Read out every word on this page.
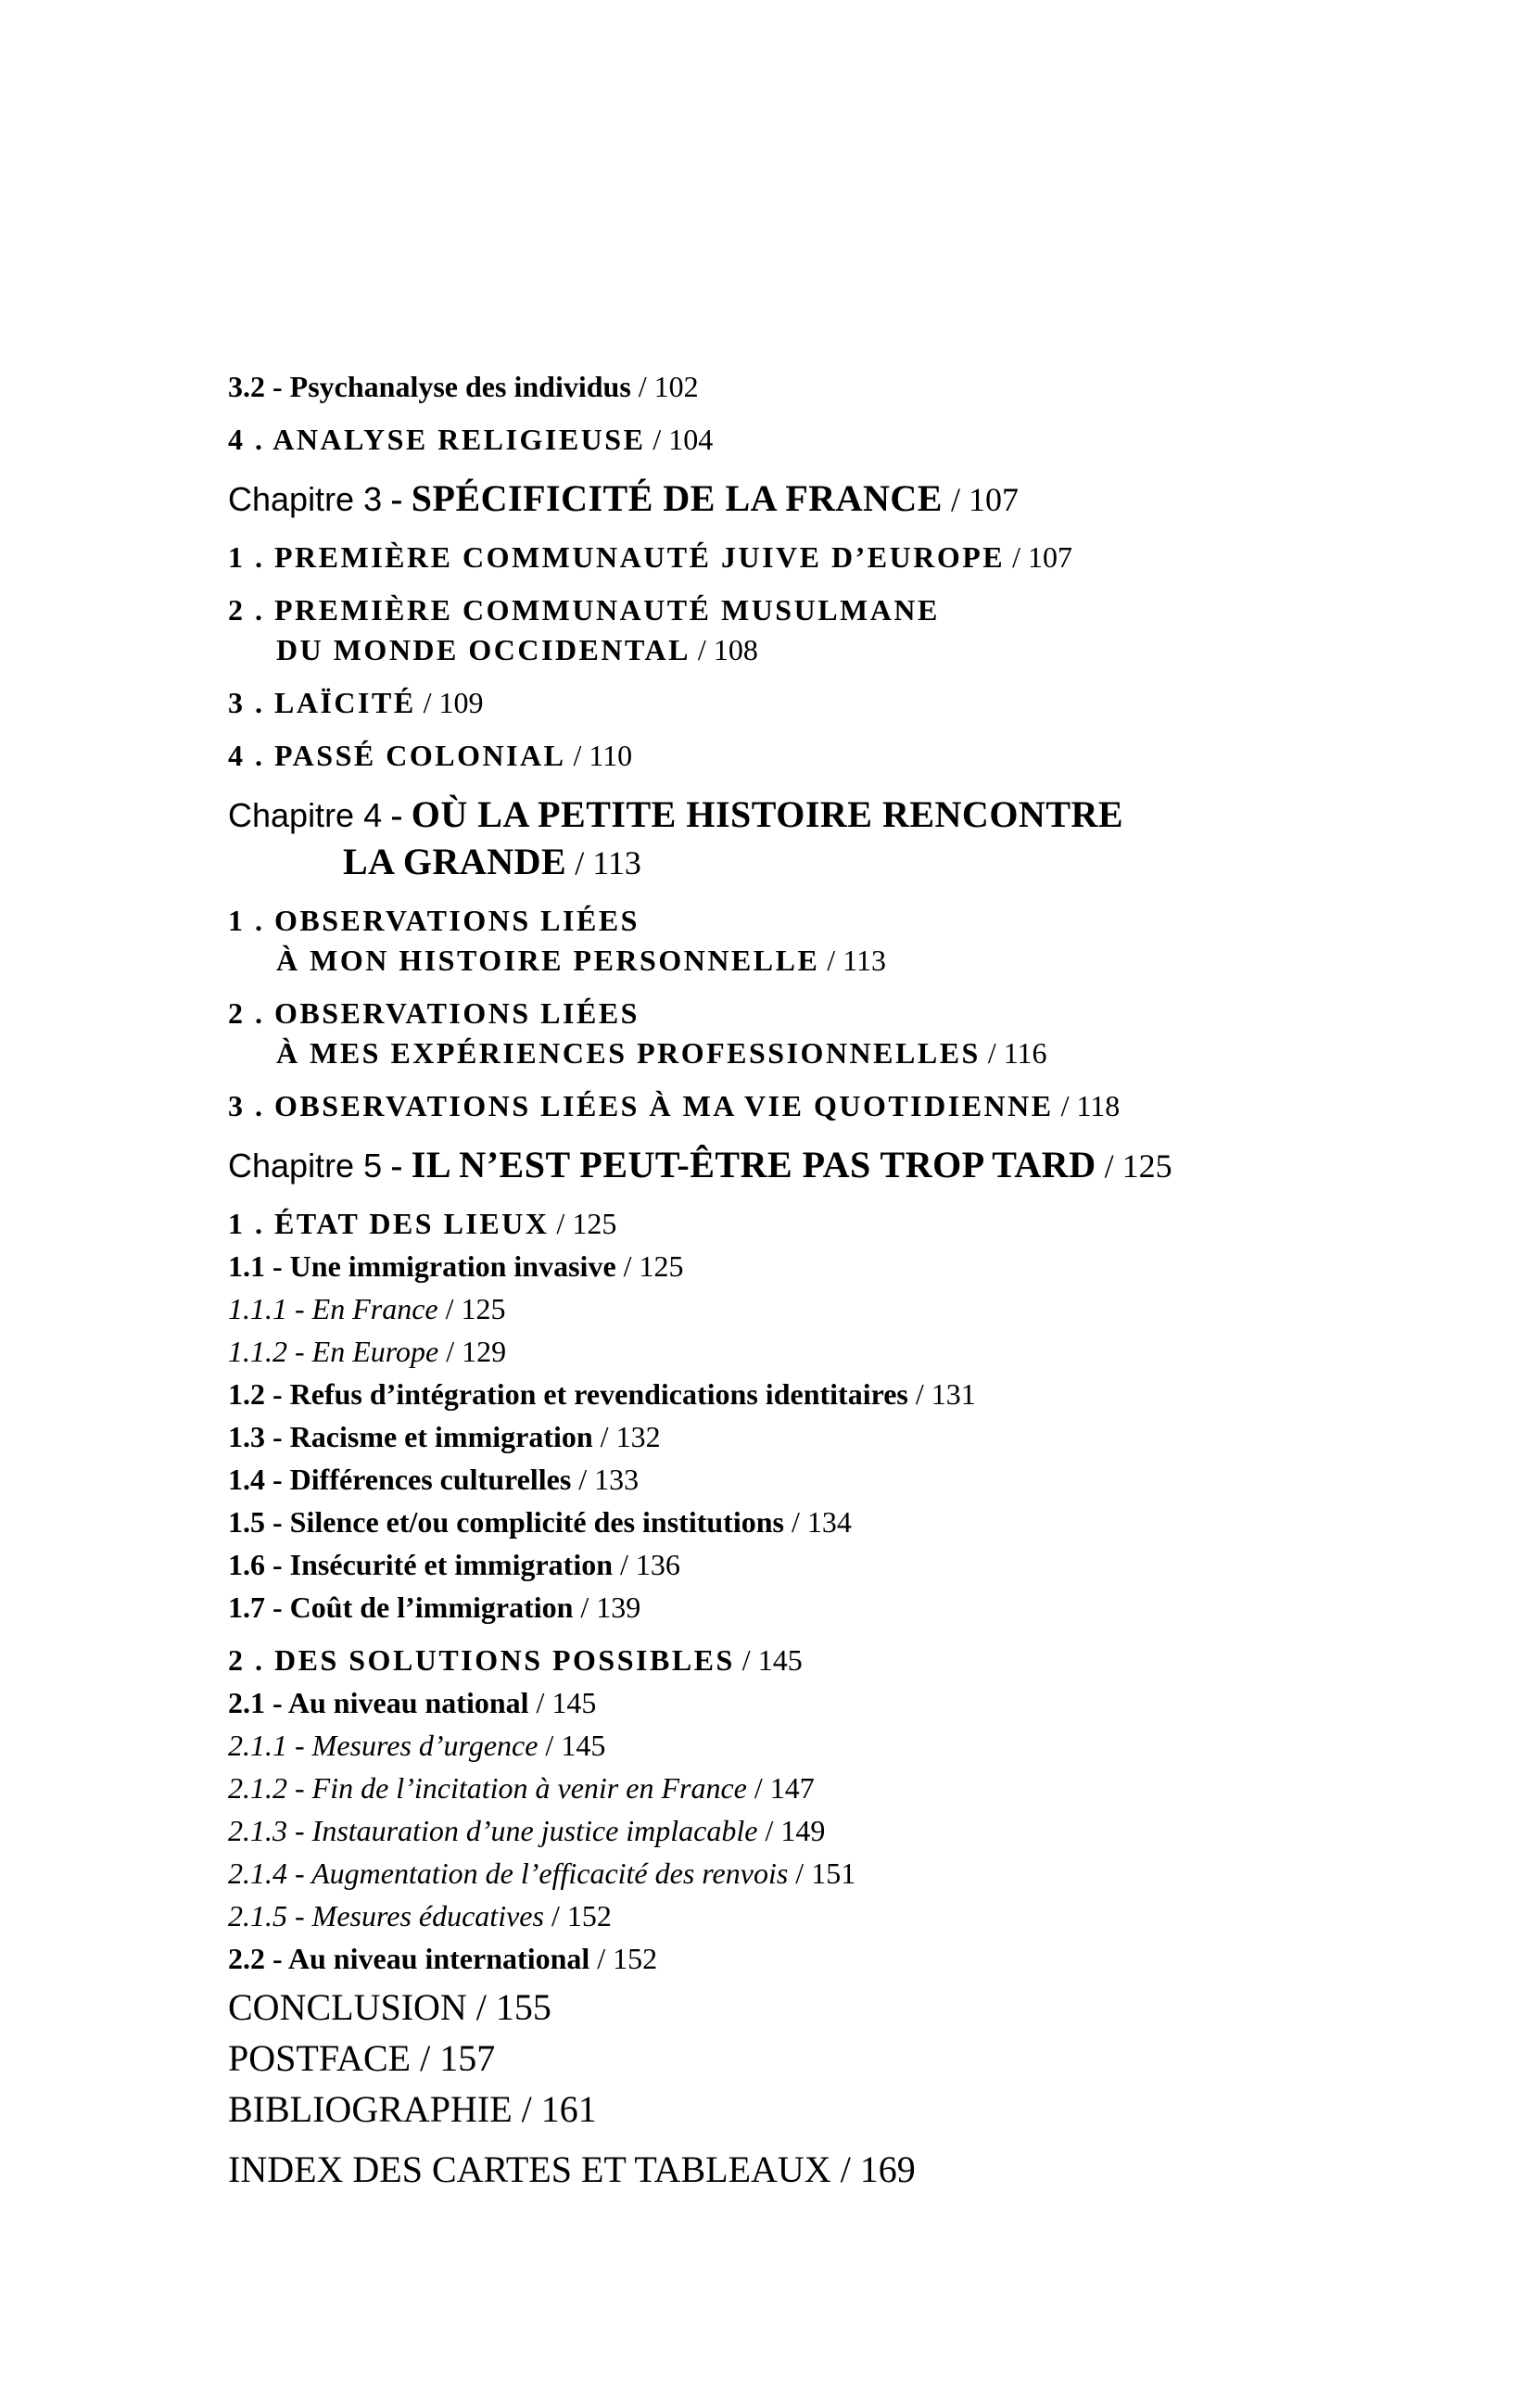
3.2 - Psychanalyse des individus / 102
4 . ANALYSE RELIGIEUSE / 104
Chapitre 3 - SPÉCIFICITÉ DE LA FRANCE / 107
1 . PREMIÈRE COMMUNAUTÉ JUIVE D’EUROPE / 107
2 . PREMIÈRE COMMUNAUTÉ MUSULMANE
DU MONDE OCCIDENTAL / 108
3 . LAÏCITÉ / 109
4 . PASSÉ COLONIAL / 110
Chapitre 4 - OÙ LA PETITE HISTOIRE RENCONTRE
LA GRANDE / 113
1 . OBSERVATIONS LIÉES
À MON HISTOIRE PERSONNELLE / 113
2 . OBSERVATIONS LIÉES
À MES EXPÉRIENCES PROFESSIONNELLES / 116
3 . OBSERVATIONS LIÉES À MA VIE QUOTIDIENNE / 118
Chapitre 5 - IL N’EST PEUT-ÊTRE PAS TROP TARD / 125
1 . ÉTAT DES LIEUX / 125
1.1 - Une immigration invasive / 125
1.1.1 - En France / 125
1.1.2 - En Europe / 129
1.2 - Refus d’intégration et revendications identitaires / 131
1.3 - Racisme et immigration / 132
1.4 - Différences culturelles / 133
1.5 - Silence et/ou complicité des institutions / 134
1.6 - Insécurité et immigration / 136
1.7 - Coût de l’immigration / 139
2 . DES SOLUTIONS POSSIBLES / 145
2.1 - Au niveau national / 145
2.1.1 - Mesures d’urgence / 145
2.1.2 - Fin de l’incitation à venir en France / 147
2.1.3 - Instauration d’une justice implacable / 149
2.1.4 - Augmentation de l’efficacité des renvois / 151
2.1.5 - Mesures éducatives / 152
2.2 - Au niveau international / 152
CONCLUSION / 155
POSTFACE / 157
BIBLIOGRAPHIE / 161
INDEX DES CARTES ET TABLEAUX / 169
